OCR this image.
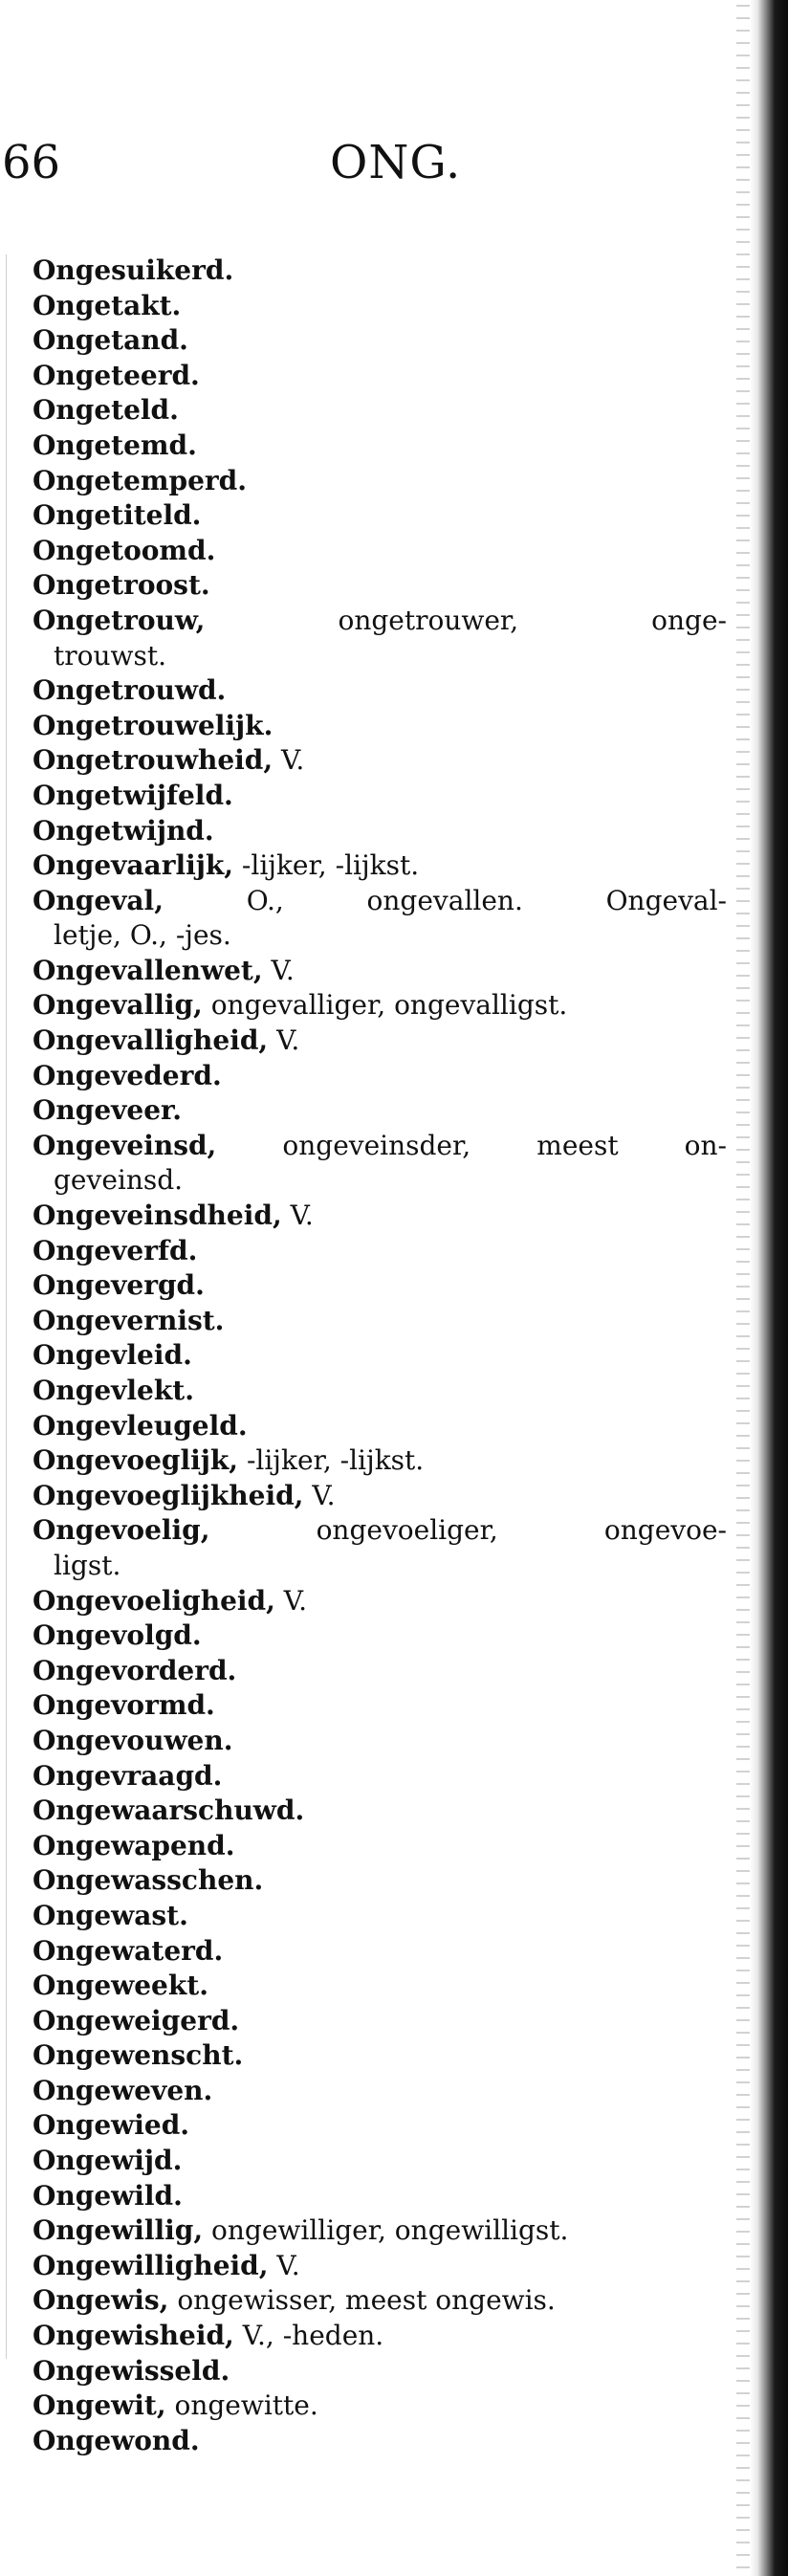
66	ONG.
Ongesuikerd.
Ongetakt.
Ongetand.
Ongeteerd.
Ongeteld.
Ongetemd.
Ongetemperd.
Ongetiteld.
Ongetoomd.
Ongetroost.
Ongetrouw,	ongetrouwer, onge-
trouwst.
Ongetrouwd.
Ongetrouwelijk.
Ongetrouwheid, V.
Ongetwijfeld.
Ongetwijnd.
Ongevaarlijk, -lijker, -lijkst.
Ongeval,	O., ongevallen. Ongeval-
letje, O., -jes.
Ongevallenwet, V.
Ongevallig, ongevalliger, ongevalligst.
Ongevalligheid, V.
Ongevederd.
Ongeveer.
Ongeveinsd, ongeveinsder, meest on-
geveinsd.
Ongeveinsdheid, V.
Ongeverfd.
Ongevergd.
Ongevernist.
Ongevleid.
Ongevlekt.
Ongevleugeld.
Ongevoeglijk, -lijker, -lijkst.
Ongevoeglijkheid, V.
Ongevoelig,	ongevoeliger, ongevoe-
ligst.
Ongevoeligheid, V.
Ongevolgd.
Ongevorderd.
Ongevormd.
Ongevouwen.
Ongevraagd.
Ongewaarschuwd.
Ongewapend.
Ongewasschen.
Ongewast.
Ongewaterd.
Ongeweekt.
Ongeweigerd.
Ongewenscht.
Ongeweven.
Ongewied.
Ongewijd.
Ongewild.
Ongewillig, ongewilliger, ongewilligst.
Ongewilligheid, V.
Ongewis, ongewisser, meest ongewis.
Ongewisheid, V., -heden.
Ongewisseld.
Ongewit, ongewitte.
Ongewond.
